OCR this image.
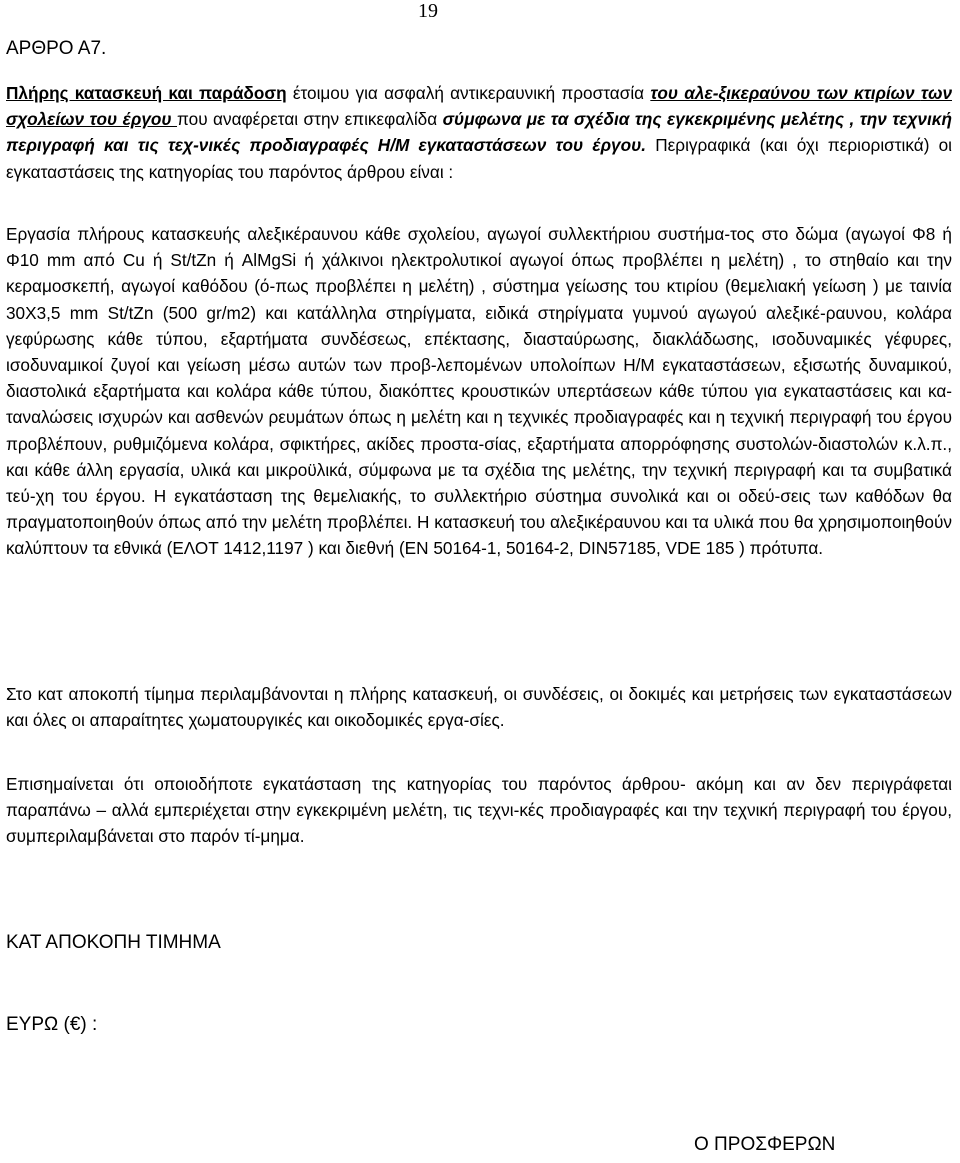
19
ΑΡΘΡΟ Α7.

Πλήρης κατασκευή και παράδοση έτοιμου για ασφαλή αντικεραυνική προστασία του αλε-ξικεραύνου των κτιρίων των σχολείων του έργου που αναφέρεται στην επικεφαλίδα σύμφωνα με τα σχέδια της εγκεκριμένης μελέτης , την τεχνική περιγραφή και τις τεχ-νικές προδιαγραφές Η/Μ εγκαταστάσεων του έργου. Περιγραφικά (και όχι περιοριστικά) οι εγκαταστάσεις της κατηγορίας του παρόντος άρθρου είναι :

Εργασία πλήρους κατασκευής αλεξικέραυνου κάθε σχολείου, αγωγοί συλλεκτήριου συστήμα-τος στο δώμα (αγωγοί Φ8 ή Φ10 mm από Cu ή St/tZn ή AlMgSi ή χάλκινοι ηλεκτρολυτικοί αγωγοί όπως προβλέπει η μελέτη) , το στηθαίο και την κεραμοσκεπή, αγωγοί καθόδου (ό-πως προβλέπει η μελέτη) , σύστημα γείωσης του κτιρίου (θεμελιακή γείωση ) με ταινία 30Χ3,5 mm St/tZn (500 gr/m2) και κατάλληλα στηρίγματα, ειδικά στηρίγματα γυμνού αγωγού αλεξικέ-ραυνου, κολάρα γεφύρωσης κάθε τύπου, εξαρτήματα συνδέσεως, επέκτασης, διασταύρωσης, διακλάδωσης, ισοδυναμικές γέφυρες, ισοδυναμικοί ζυγοί και γείωση μέσω αυτών των προβ-λεπομένων υπολοίπων Η/Μ εγκαταστάσεων, εξισωτής δυναμικού, διαστολικά εξαρτήματα και κολάρα κάθε τύπου, διακόπτες κρουστικών υπερτάσεων κάθε τύπου για εγκαταστάσεις και κα-ταναλώσεις ισχυρών και ασθενών ρευμάτων όπως η μελέτη και η τεχνικές προδιαγραφές και η τεχνική περιγραφή του έργου προβλέπουν, ρυθμιζόμενα κολάρα, σφικτήρες, ακίδες προστα-σίας, εξαρτήματα απορρόφησης συστολών-διαστολών κ.λ.π., και κάθε άλλη εργασία, υλικά και μικροϋλικά, σύμφωνα με τα σχέδια της μελέτης, την τεχνική περιγραφή και τα συμβατικά τεύ-χη του έργου. Η εγκατάσταση της θεμελιακής, το συλλεκτήριο σύστημα συνολικά και οι οδεύ-σεις των καθόδων θα πραγματοποιηθούν όπως από την μελέτη προβλέπει. Η κατασκευή του αλεξικέραυνου και τα υλικά που θα χρησιμοποιηθούν καλύπτουν τα εθνικά (ΕΛΟΤ 1412,1197 ) και διεθνή (EN 50164-1, 50164-2, DIN57185, VDE 185 ) πρότυπα.

Στο κατ αποκοπή τίμημα περιλαμβάνονται η πλήρης κατασκευή, οι συνδέσεις, οι δοκιμές και μετρήσεις των εγκαταστάσεων και όλες οι απαραίτητες χωματουργικές και οικοδομικές εργα-σίες.

Επισημαίνεται ότι οποιοδήποτε εγκατάσταση της κατηγορίας του παρόντος άρθρου- ακόμη και αν δεν περιγράφεται παραπάνω – αλλά εμπεριέχεται στην εγκεκριμένη μελέτη, τις τεχνι-κές προδιαγραφές και την τεχνική περιγραφή του έργου, συμπεριλαμβάνεται στο παρόν τί-μημα.

ΚΑΤ ΑΠΟΚΟΠΗ ΤΙΜΗΜΑ
ΕΥΡΩ (€) :
Ο ΠΡΟΣΦΕΡΩΝ
